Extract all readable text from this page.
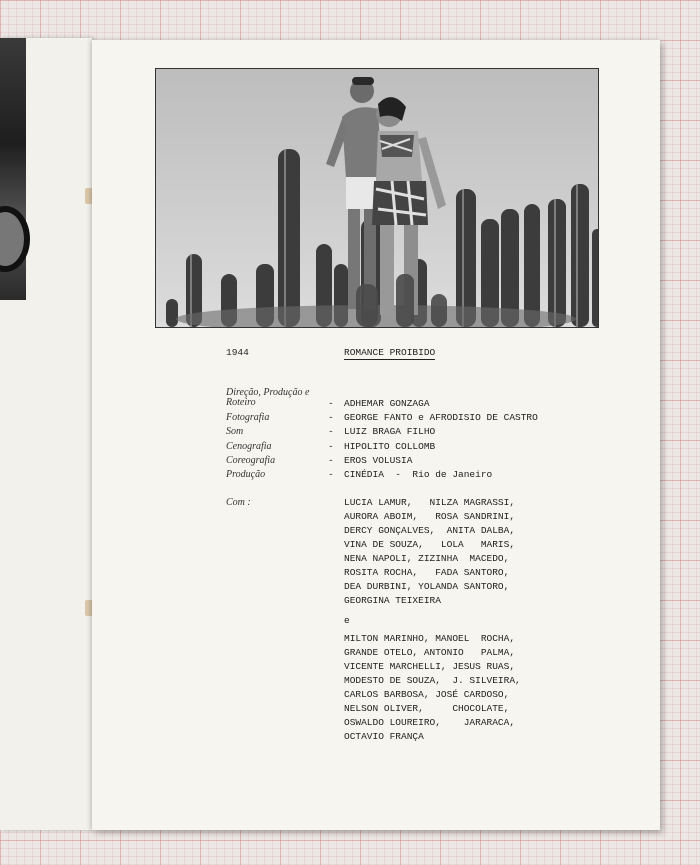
1944	ROMANCE PROIBIDO
Direção, Produção e Roteiro	- ADHEMAR GONZAGA
Fotografia	- GEORGE FANTO e AFRODISIO DE CASTRO
Som	- LUIZ BRAGA FILHO
Cenografia	- HIPOLITO COLLOMB
Coreografia	- EROS VOLUSIA
Produção	- CINÉDIA  -  Rio de Janeiro
Com :	LUCIA LAMUR,   NILZA MAGRASSI,
AURORA ABOIM,   ROSA SANDRINI,
DERCY GONÇALVES,  ANITA DALBA,
VINA DE SOUZA,   LOLA   MARIS,
NENA NAPOLI, ZIZINHA  MACEDO,
ROSITA ROCHA,   FADA SANTORO,
DEA DURBINI, YOLANDA SANTORO,
GEORGINA TEIXEIRA
e
MILTON MARINHO, MANOEL  ROCHA,
GRANDE OTELO, ANTONIO   PALMA,
VICENTE MARCHELLI, JESUS RUAS,
MODESTO DE SOUZA,  J. SILVEIRA,
CARLOS BARBOSA, JOSÉ CARDOSO,
NELSON OLIVER,     CHOCOLATE,
OSWALDO LOUREIRO,    JARARACA,
OCTAVIO FRANÇA
